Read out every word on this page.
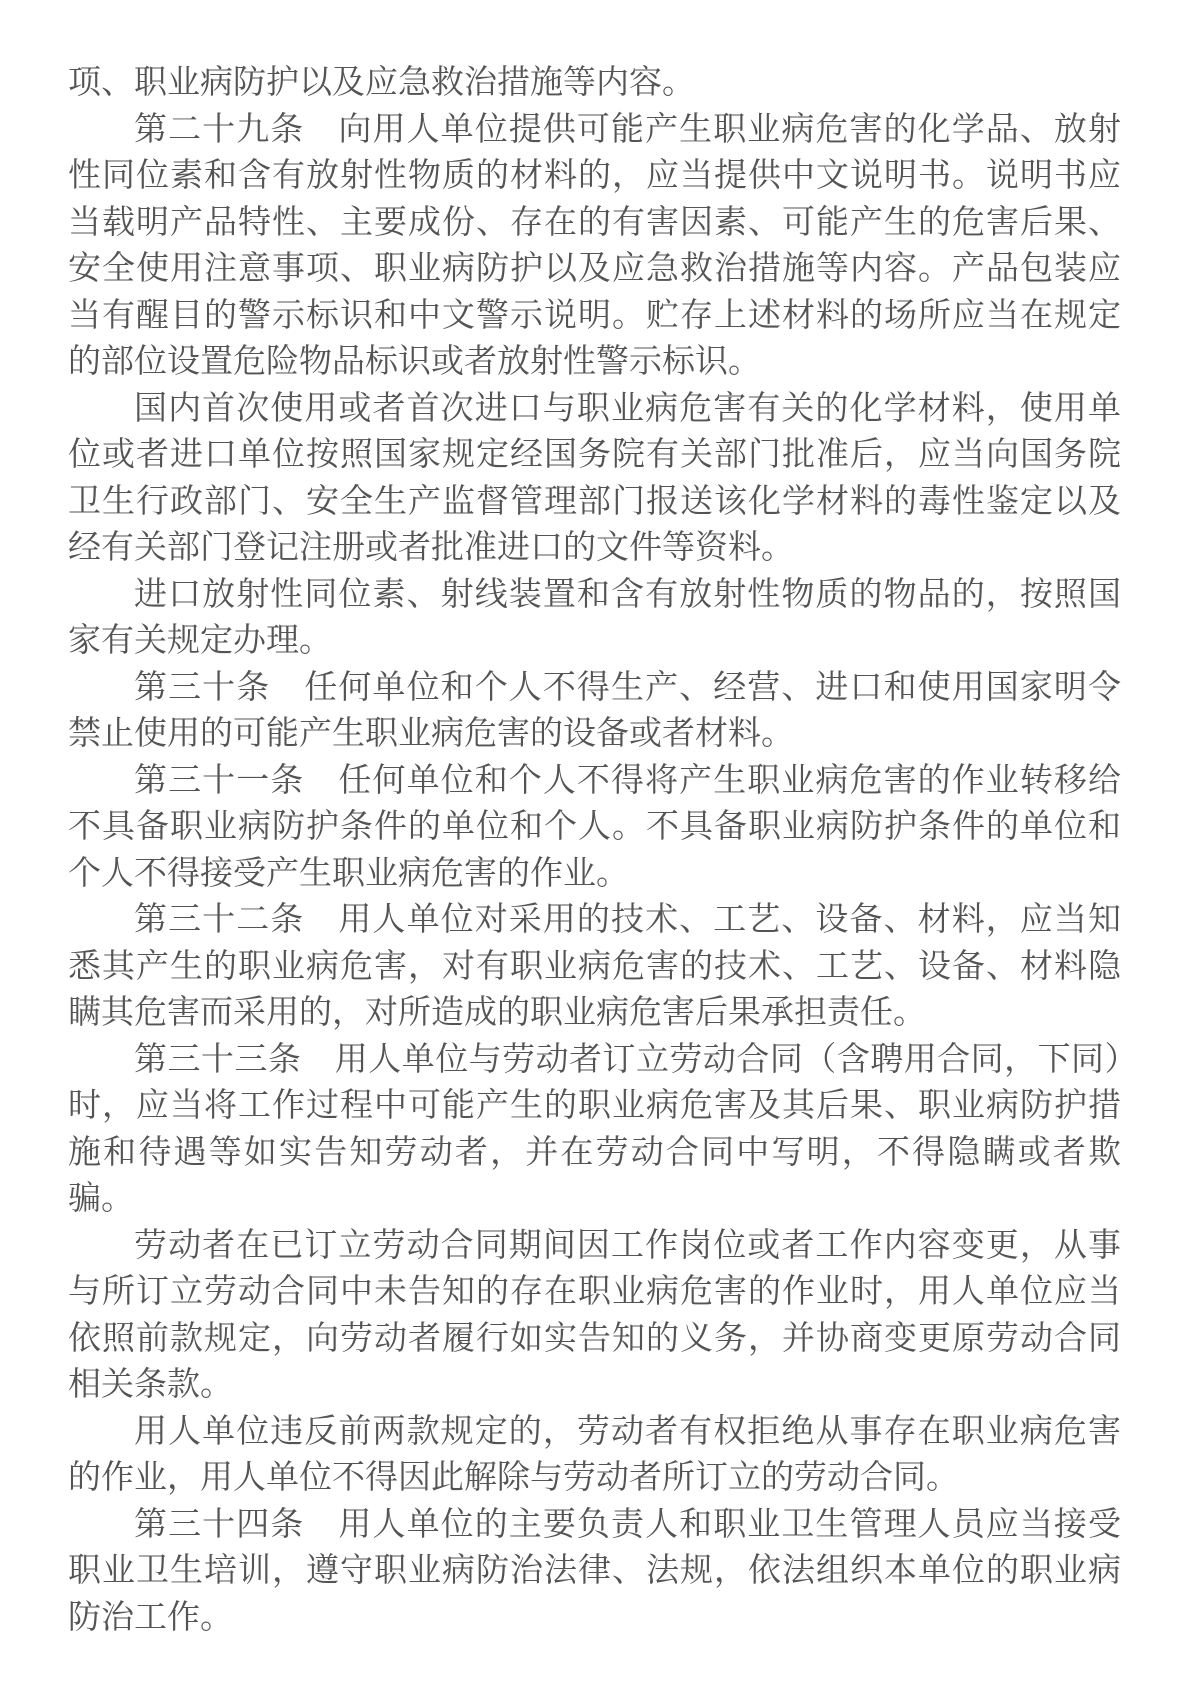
项、职业病防护以及应急救治措施等内容。

第二十九条　向用人单位提供可能产生职业病危害的化学品、放射性同位素和含有放射性物质的材料的，应当提供中文说明书。说明书应当载明产品特性、主要成份、存在的有害因素、可能产生的危害后果、安全使用注意事项、职业病防护以及应急救治措施等内容。产品包装应当有醒目的警示标识和中文警示说明。贮存上述材料的场所应当在规定的部位设置危险物品标识或者放射性警示标识。

国内首次使用或者首次进口与职业病危害有关的化学材料，使用单位或者进口单位按照国家规定经国务院有关部门批准后，应当向国务院卫生行政部门、安全生产监督管理部门报送该化学材料的毒性鉴定以及经有关部门登记注册或者批准进口的文件等资料。

进口放射性同位素、射线装置和含有放射性物质的物品的，按照国家有关规定办理。

第三十条　任何单位和个人不得生产、经营、进口和使用国家明令禁止使用的可能产生职业病危害的设备或者材料。

第三十一条　任何单位和个人不得将产生职业病危害的作业转移给不具备职业病防护条件的单位和个人。不具备职业病防护条件的单位和个人不得接受产生职业病危害的作业。

第三十二条　用人单位对采用的技术、工艺、设备、材料，应当知悉其产生的职业病危害，对有职业病危害的技术、工艺、设备、材料隐瞒其危害而采用的，对所造成的职业病危害后果承担责任。

第三十三条　用人单位与劳动者订立劳动合同（含聘用合同，下同）时，应当将工作过程中可能产生的职业病危害及其后果、职业病防护措施和待遇等如实告知劳动者，并在劳动合同中写明，不得隐瞒或者欺骗。

劳动者在已订立劳动合同期间因工作岗位或者工作内容变更，从事与所订立劳动合同中未告知的存在职业病危害的作业时，用人单位应当依照前款规定，向劳动者履行如实告知的义务，并协商变更原劳动合同相关条款。

用人单位违反前两款规定的，劳动者有权拒绝从事存在职业病危害的作业，用人单位不得因此解除与劳动者所订立的劳动合同。

第三十四条　用人单位的主要负责人和职业卫生管理人员应当接受职业卫生培训，遵守职业病防治法律、法规，依法组织本单位的职业病防治工作。
